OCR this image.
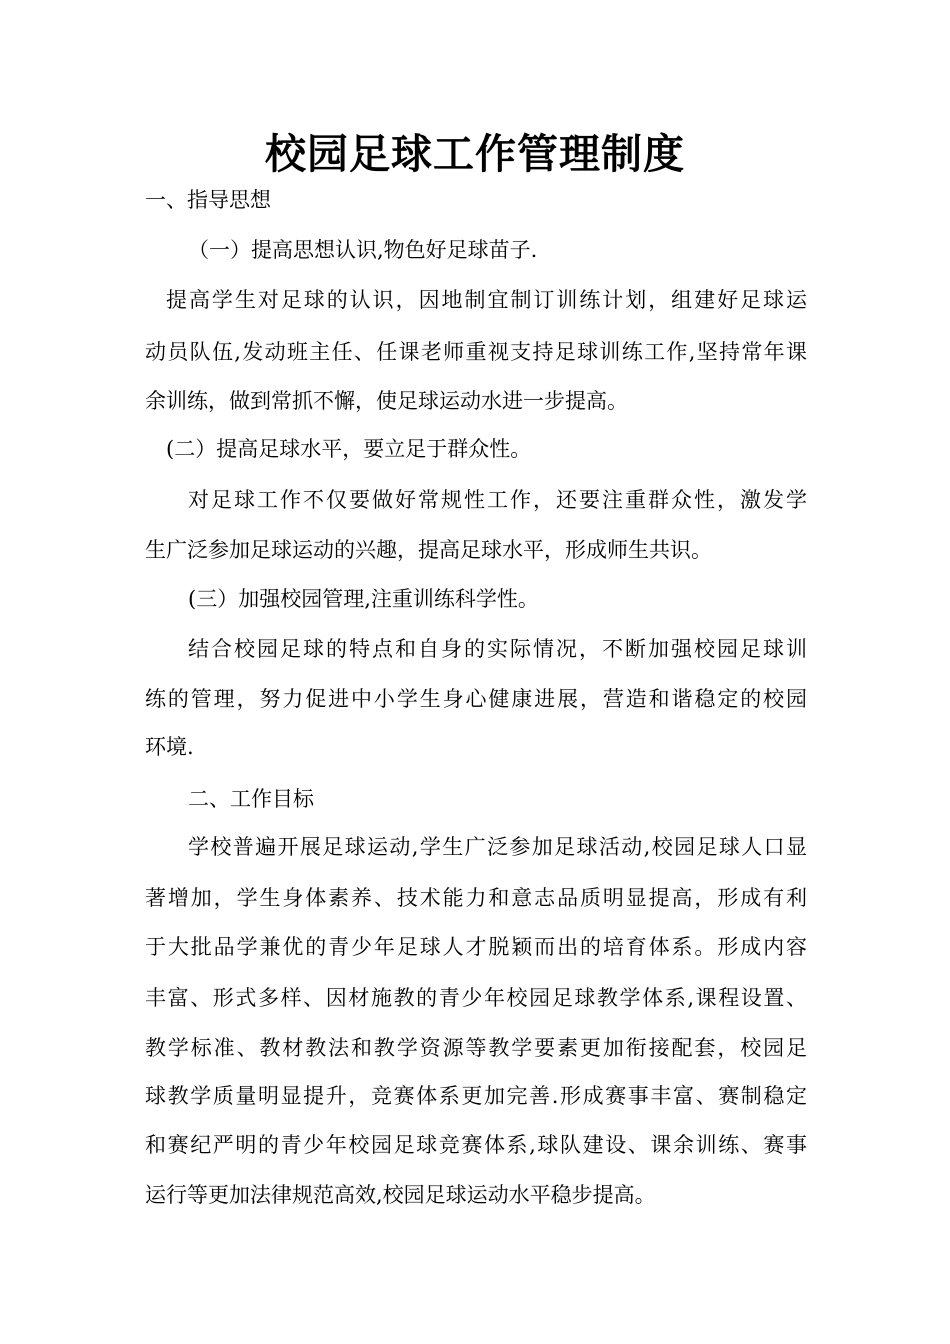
校园足球工作管理制度
一、指导思想
（一）提高思想认识,物色好足球苗子.
提高学生对足球的认识，因地制宜制订训练计划，组建好足球运
动员队伍,发动班主任、任课老师重视支持足球训练工作,坚持常年课
余训练，做到常抓不懈，使足球运动水进一步提高。
(二）提高足球水平，要立足于群众性。
对足球工作不仅要做好常规性工作，还要注重群众性，激发学
生广泛参加足球运动的兴趣，提高足球水平，形成师生共识。
(三）加强校园管理,注重训练科学性。
结合校园足球的特点和自身的实际情况，不断加强校园足球训
练的管理，努力促进中小学生身心健康进展，营造和谐稳定的校园
环境.
二、工作目标
学校普遍开展足球运动,学生广泛参加足球活动,校园足球人口显
著增加，学生身体素养、技术能力和意志品质明显提高，形成有利
于大批品学兼优的青少年足球人才脱颖而出的培育体系。形成内容
丰富、形式多样、因材施教的青少年校园足球教学体系,课程设置、
教学标准、教材教法和教学资源等教学要素更加衔接配套，校园足
球教学质量明显提升，竞赛体系更加完善.形成赛事丰富、赛制稳定
和赛纪严明的青少年校园足球竞赛体系,球队建设、课余训练、赛事
运行等更加法律规范高效,校园足球运动水平稳步提高。
